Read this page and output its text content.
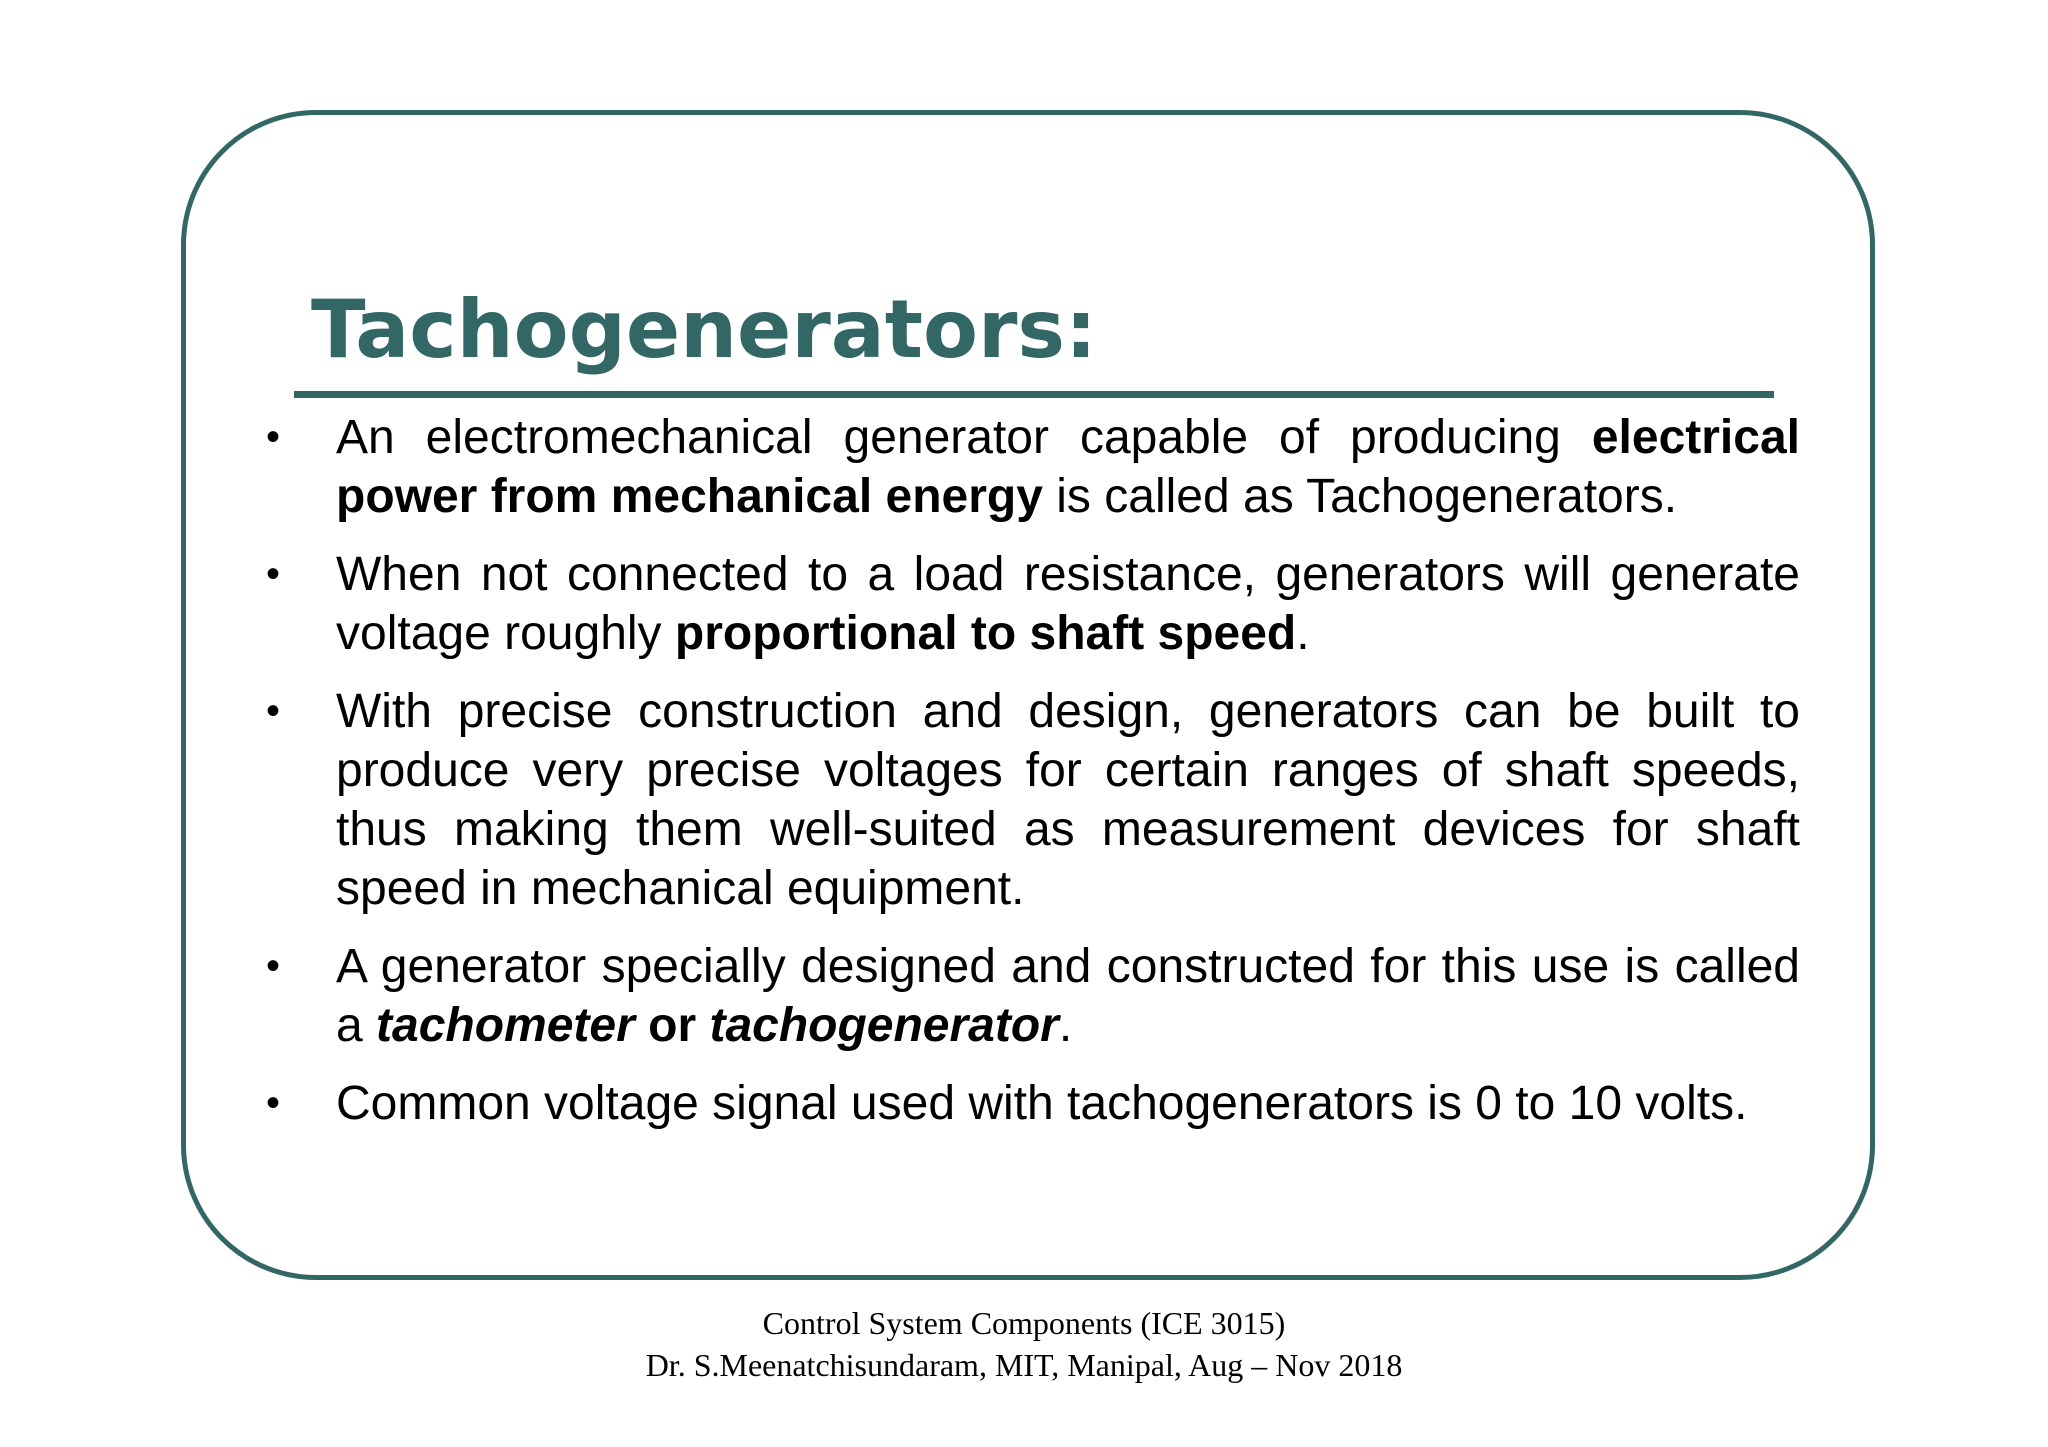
Tachogenerators:
• An electromechanical generator capable of producing electrical power from mechanical energy is called as Tachogenerators.
• When not connected to a load resistance, generators will generate voltage roughly proportional to shaft speed.
• With precise construction and design, generators can be built to produce very precise voltages for certain ranges of shaft speeds, thus making them well-suited as measurement devices for shaft speed in mechanical equipment.
• A generator specially designed and constructed for this use is called a tachometer or tachogenerator.
• Common voltage signal used with tachogenerators is 0 to 10 volts.
Control System Components (ICE 3015)
Dr. S.Meenatchisundaram, MIT, Manipal, Aug – Nov 2018
